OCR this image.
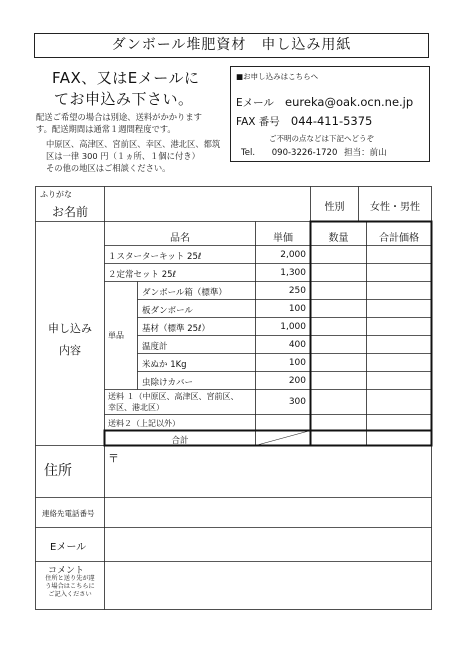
ダンボール堆肥資材　申し込み用紙
FAX、又はEメールに
てお申込み下さい。
配送ご希望の場合は別途、送料がかかります
す。配送期間は通常１週間程度です。
中原区、高津区、宮前区、幸区、港北区、都筑
区は一律 300 円（１ヵ所、１個に付き）
その他の地区はご相談ください。
■お申し込みはこちらへ
Eメール eureka@oak.ocn.ne.jp
FAX 番号 044-411-5375
ご不明の点などは下記へどうぞ
Tel. 090-3226-1720 担当：前山
ふりがな
お名前	性別	女性・男性
申し込み
内容
品名	単価	数量	合計価格
１スターターキット 25ℓ	2,000
２定常セット 25ℓ	1,300
単品
ダンボール箱（標準）	250
板ダンボール	100
基材（標準 25ℓ）	1,000
温度計	400
米ぬか 1Kg	100
虫除けカバー	200
送料 １（中原区、高津区、宮前区、
幸区、港北区）
300
送料２（上記以外）
合計
住所
〒
連絡先電話番号
Eメール
コメント
住所と送り先が違
う場合はこちらに
ご記入ください
